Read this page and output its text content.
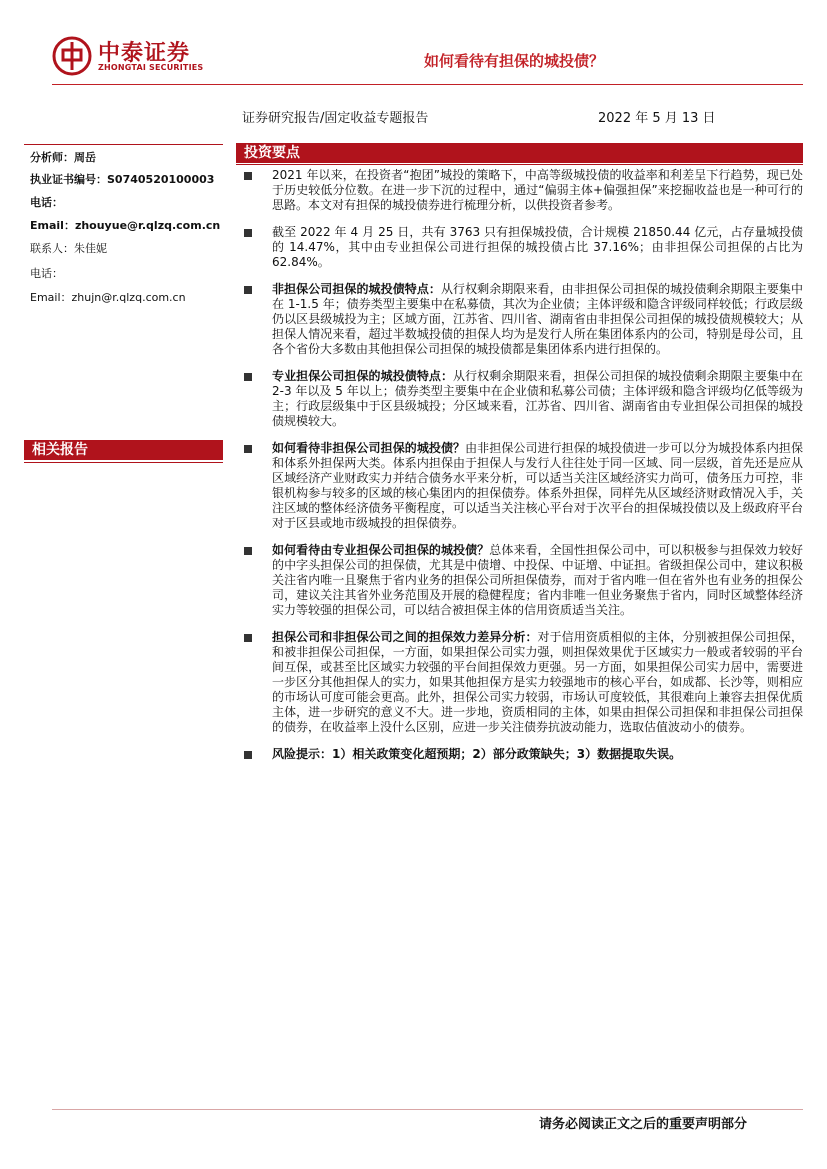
中泰证券
ZHONGTAI SECURITIES	如何看待有担保的城投债？
证券研究报告/固定收益专题报告	2022 年 5 月 13 日
分析师：周岳
执业证书编号：S0740520100003
电话：
Email：zhouyue@r.qlzq.com.cn
联系人：朱佳妮
电话：
Email：zhujn@r.qlzq.com.cn
相关报告
投资要点
2021 年以来，在投资者“抱团”城投的策略下，中高等级城投债的收益率和利差呈下行趋势，现已处于历史较低分位数。在进一步下沉的过程中，通过“偏弱主体+偏强担保”来挖掘收益也是一种可行的思路。本文对有担保的城投债券进行梳理分析，以供投资者参考。
截至 2022 年 4 月 25 日，共有 3763 只有担保城投债，合计规模 21850.44 亿元，占存量城投债的 14.47%，其中由专业担保公司进行担保的城投债占比 37.16%；由非担保公司担保的占比为 62.84%。
非担保公司担保的城投债特点：从行权剩余期限来看，由非担保公司担保的城投债剩余期限主要集中在 1-1.5 年；债券类型主要集中在私募债，其次为企业债；主体评级和隐含评级同样较低；行政层级仍以区县级城投为主；区域方面，江苏省、四川省、湖南省由非担保公司担保的城投债规模较大；从担保人情况来看，超过半数城投债的担保人均为是发行人所在集团体系内的公司，特别是母公司，且各个省份大多数由其他担保公司担保的城投债都是集团体系内进行担保的。
专业担保公司担保的城投债特点：从行权剩余期限来看，担保公司担保的城投债剩余期限主要集中在 2-3 年以及 5 年以上；债券类型主要集中在企业债和私募公司债；主体评级和隐含评级均亿低等级为主；行政层级集中于区县级城投；分区域来看，江苏省、四川省、湖南省由专业担保公司担保的城投债规模较大。
如何看待非担保公司担保的城投债？由非担保公司进行担保的城投债进一步可以分为城投体系内担保和体系外担保两大类。体系内担保由于担保人与发行人往往处于同一区域、同一层级，首先还是应从区域经济产业财政实力并结合债务水平来分析，可以适当关注区域经济实力尚可，债务压力可控，非银机构参与较多的区域的核心集团内的担保债券。体系外担保，同样先从区域经济财政情况入手，关注区域的整体经济债务平衡程度，可以适当关注核心平台对于次平台的担保城投债以及上级政府平台对于区县或地市级城投的担保债券。
如何看待由专业担保公司担保的城投债？总体来看，全国性担保公司中，可以积极参与担保效力较好的中字头担保公司的担保债，尤其是中债增、中投保、中证增、中证担。省级担保公司中，建议积极关注省内唯一且聚焦于省内业务的担保公司所担保债券，而对于省内唯一但在省外也有业务的担保公司，建议关注其省外业务范围及开展的稳健程度；省内非唯一但业务聚焦于省内，同时区域整体经济实力等较强的担保公司，可以结合被担保主体的信用资质适当关注。
担保公司和非担保公司之间的担保效力差异分析：对于信用资质相似的主体，分别被担保公司担保，和被非担保公司担保，一方面，如果担保公司实力强，则担保效果优于区域实力一般或者较弱的平台间互保，或甚至比区域实力较强的平台间担保效力更强。另一方面，如果担保公司实力居中，需要进一步区分其他担保人的实力，如果其他担保方是实力较强地市的核心平台，如成都、长沙等，则相应的市场认可度可能会更高。此外，担保公司实力较弱，市场认可度较低，其很难向上兼容去担保优质主体，进一步研究的意义不大。进一步地，资质相同的主体，如果由担保公司担保和非担保公司担保的债券，在收益率上没什么区别，应进一步关注债券抗波动能力，选取估值波动小的债券。
风险提示：1）相关政策变化超预期；2）部分政策缺失；3）数据提取失误。
请务必阅读正文之后的重要声明部分
